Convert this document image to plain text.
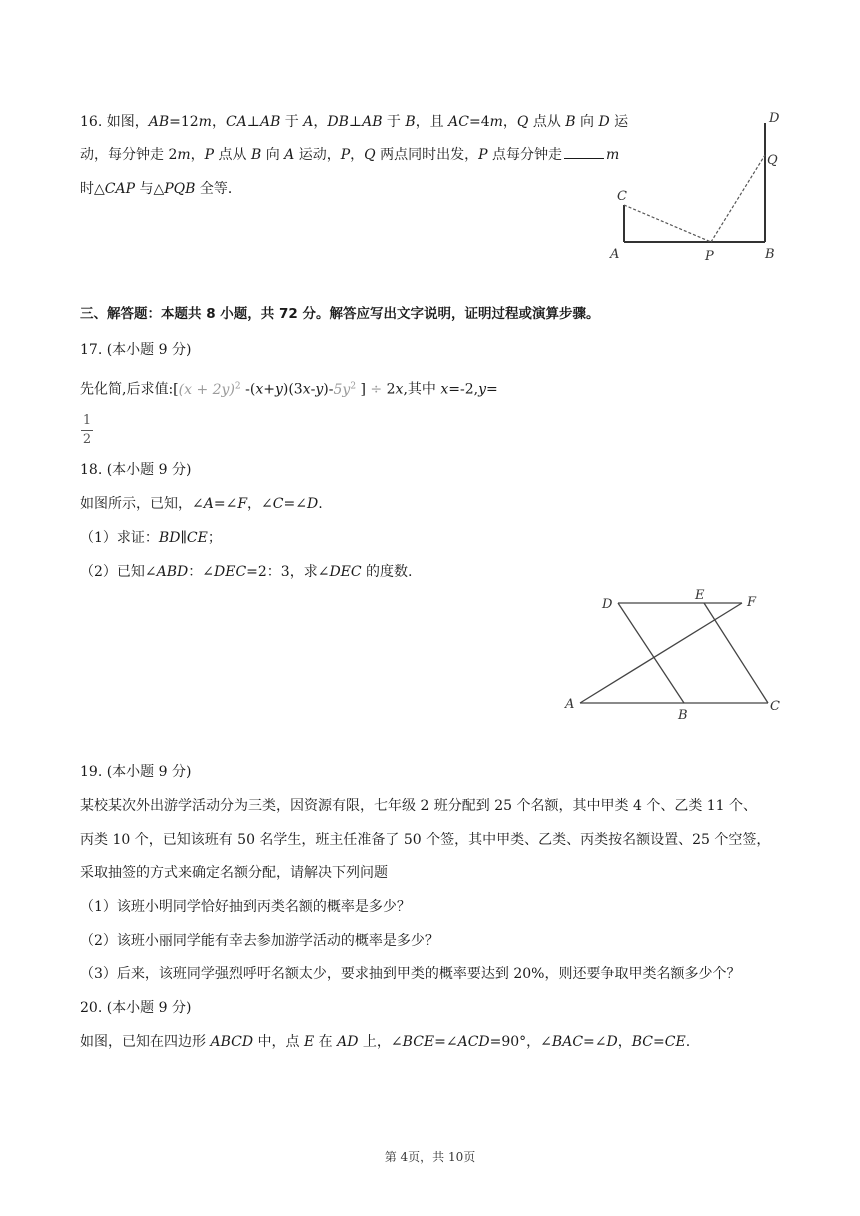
16. 如图，AB=12m，CA⊥AB 于 A，DB⊥AB 于 B，且 AC=4m，Q 点从 B 向 D 运
动，每分钟走 2m，P 点从 B 向 A 运动，P，Q 两点同时出发，P 点每分钟走	m
时△CAP 与△PQB 全等．
D
Q
C
A	P	B
三、解答题：本题共 8 小题，共 72 分。解答应写出文字说明，证明过程或演算步骤。
17. (本小题 9 分)
先化简,后求值:[(x + 2y)$^2$ $-(x+y)(3x-y)-5y^2$ ] ÷ 2x,其中 x=-2,y=
1
2
18. (本小题 9 分)
如图所示，已知，∠A=∠F，∠C=∠D.
（1）求证：BD∥CE；
（2）已知∠ABD：∠DEC=2：3，求∠DEC 的度数.
D
E	F
A
B
C
19. (本小题 9 分)
某校某次外出游学活动分为三类，因资源有限，七年级 2 班分配到 25 个名额，其中甲类 4 个、乙类 11 个、
丙类 10 个，已知该班有 50 名学生，班主任准备了 50 个签，其中甲类、乙类、丙类按名额设置、25 个空签，
采取抽签的方式来确定名额分配，请解决下列问题
（1）该班小明同学恰好抽到丙类名额的概率是多少？
（2）该班小丽同学能有幸去参加游学活动的概率是多少？
（3）后来，该班同学强烈呼吁名额太少，要求抽到甲类的概率要达到 20%，则还要争取甲类名额多少个？
20. (本小题 9 分)
如图，已知在四边形 ABCD 中，点 E 在 AD 上，∠BCE=∠ACD=90°，∠BAC=∠D，BC=CE.
第 4页，共 10页
